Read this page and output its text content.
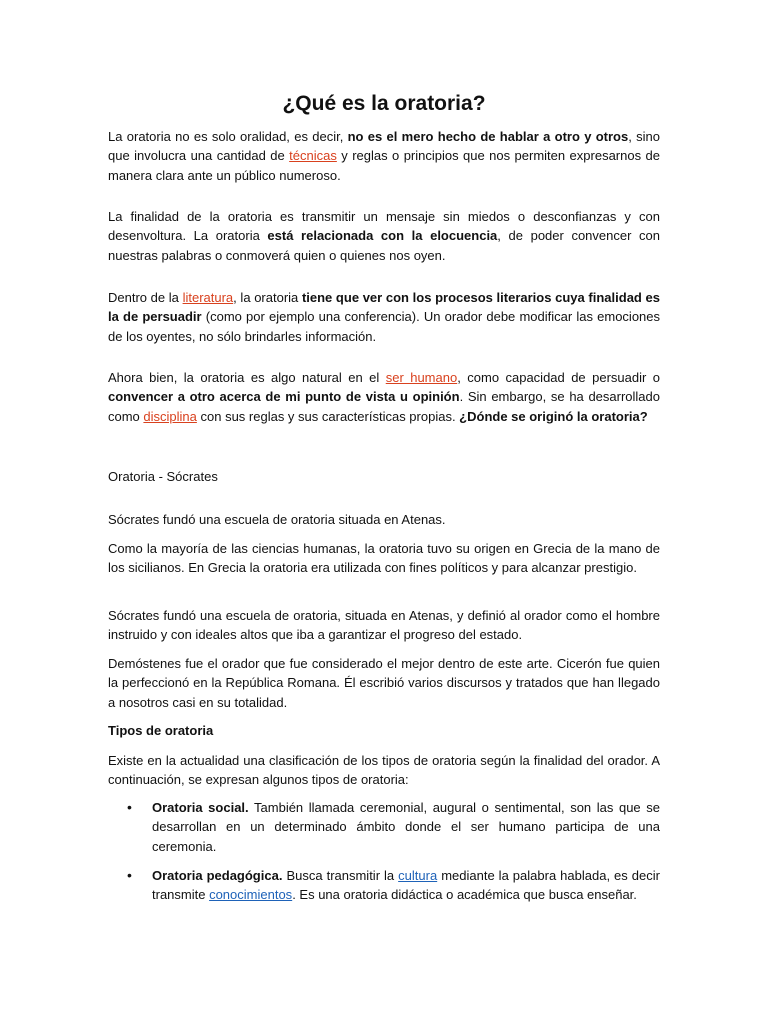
¿Qué es la oratoria?

La oratoria no es solo oralidad, es decir, no es el mero hecho de hablar a otro y otros, sino que involucra una cantidad de técnicas y reglas o principios que nos permiten expresarnos de manera clara ante un público numeroso.

La finalidad de la oratoria es transmitir un mensaje sin miedos o desconfianzas y con desenvoltura. La oratoria está relacionada con la elocuencia, de poder convencer con nuestras palabras o conmoverá quien o quienes nos oyen.

Dentro de la literatura, la oratoria tiene que ver con los procesos literarios cuya finalidad es la de persuadir (como por ejemplo una conferencia). Un orador debe modificar las emociones de los oyentes, no sólo brindarles información.

Ahora bien, la oratoria es algo natural en el ser humano, como capacidad de persuadir o convencer a otro acerca de mi punto de vista u opinión. Sin embargo, se ha desarrollado como disciplina con sus reglas y sus características propias. ¿Dónde se originó la oratoria?

Oratoria - Sócrates

Sócrates fundó una escuela de oratoria situada en Atenas.

Como la mayoría de las ciencias humanas, la oratoria tuvo su origen en Grecia de la mano de los sicilianos. En Grecia la oratoria era utilizada con fines políticos y para alcanzar prestigio.

Sócrates fundó una escuela de oratoria, situada en Atenas, y definió al orador como el hombre instruido y con ideales altos que iba a garantizar el progreso del estado.

Demóstenes fue el orador que fue considerado el mejor dentro de este arte. Cicerón fue quien la perfeccionó en la República Romana. Él escribió varios discursos y tratados que han llegado a nosotros casi en su totalidad.

Tipos de oratoria

Existe en la actualidad una clasificación de los tipos de oratoria según la finalidad del orador. A continuación, se expresan algunos tipos de oratoria:

• Oratoria social. También llamada ceremonial, augural o sentimental, son las que se desarrollan en un determinado ámbito donde el ser humano participa de una ceremonia.

• Oratoria pedagógica. Busca transmitir la cultura mediante la palabra hablada, es decir transmite conocimientos. Es una oratoria didáctica o académica que busca enseñar.
